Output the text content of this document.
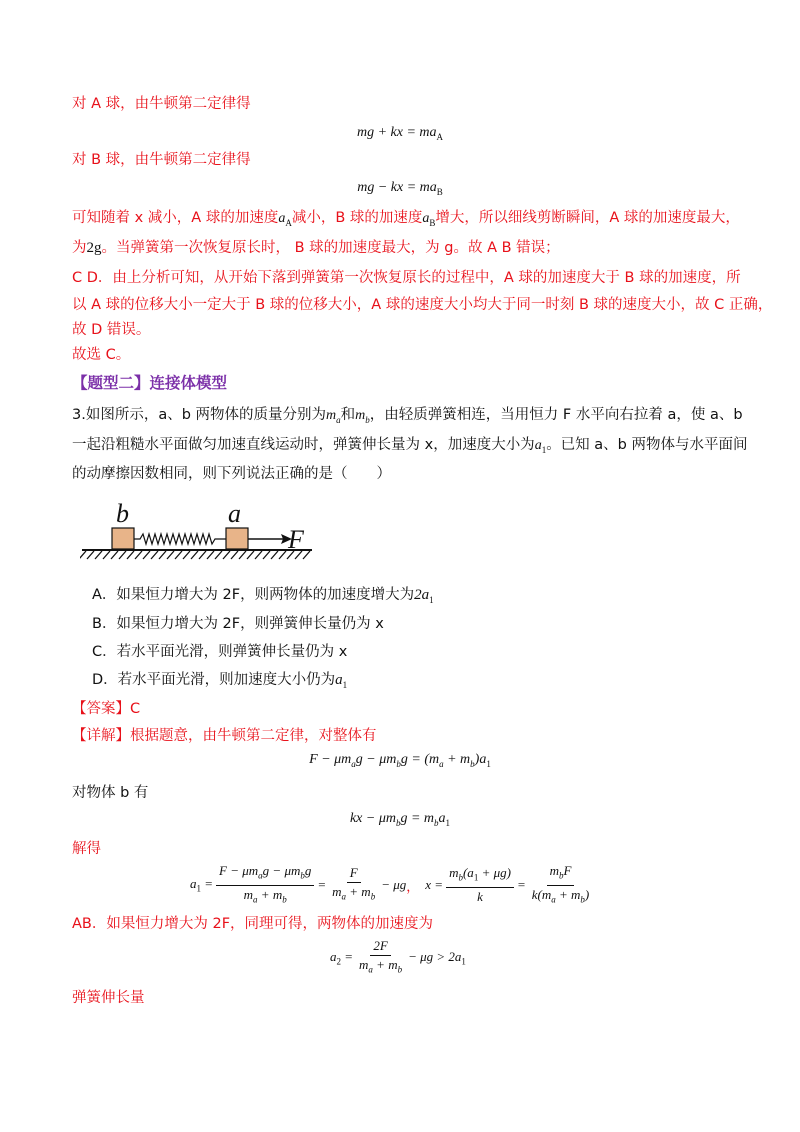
对 A 球，由牛顿第二定律得
mg + kx = $ma_A$
对 B 球，由牛顿第二定律得
mg − kx = $ma_B$
可知随着 x 减小，A 球的加速度$a_A$减小，B 球的加速度$a_B$增大，所以细线剪断瞬间，A 球的加速度最大，
为2g。当弹簧第一次恢复原长时， B 球的加速度最大，为 g。故 A B 错误；
C D．由上分析可知，从开始下落到弹簧第一次恢复原长的过程中，A 球的加速度大于 B 球的加速度，所
以 A 球的位移大小一定大于 B 球的位移大小，A 球的速度大小均大于同一时刻 B 球的速度大小，故 C 正确，
故 D 错误。
故选 C。
【题型二】连接体模型
3.如图所示，a、b 两物体的质量分别为$m_a$和$m_b$，由轻质弹簧相连，当用恒力 F 水平向右拉着 a，使 a、b
一起沿粗糙水平面做匀加速直线运动时，弹簧伸长量为 x，加速度大小为$a_1$。已知 a、b 两物体与水平面间
的动摩擦因数相同，则下列说法正确的是（　　）
b	a
F
A．如果恒力增大为 2F，则两物体的加速度增大为$2a_1$
B．如果恒力增大为 2F，则弹簧伸长量仍为 x
C．若水平面光滑，则弹簧伸长量仍为 x
D．若水平面光滑，则加速度大小仍为$a_1$
【答案】C
【详解】根据题意，由牛顿第二定律，对整体有
$F - \mu m_ag - \mu m_bg = (m_a + m_b)a_1$
对物体 b 有
kx − $\mu m_bg = m_ba_1$
解得
$a_1 = \frac{F - \mu m_ag - \mu m_bg}{m_a + m_b} = \frac{F}{m_a + m_b} - \mu g$ ， $x = \frac{m_b(a_1 + \mu g)}{k} = \frac{m_bF}{k(m_a + m_b)}$
AB．如果恒力增大为 2F，同理可得，两物体的加速度为
$a_2 = \frac{2F}{m_a + m_b} - \mu g > 2a_1$
弹簧伸长量
